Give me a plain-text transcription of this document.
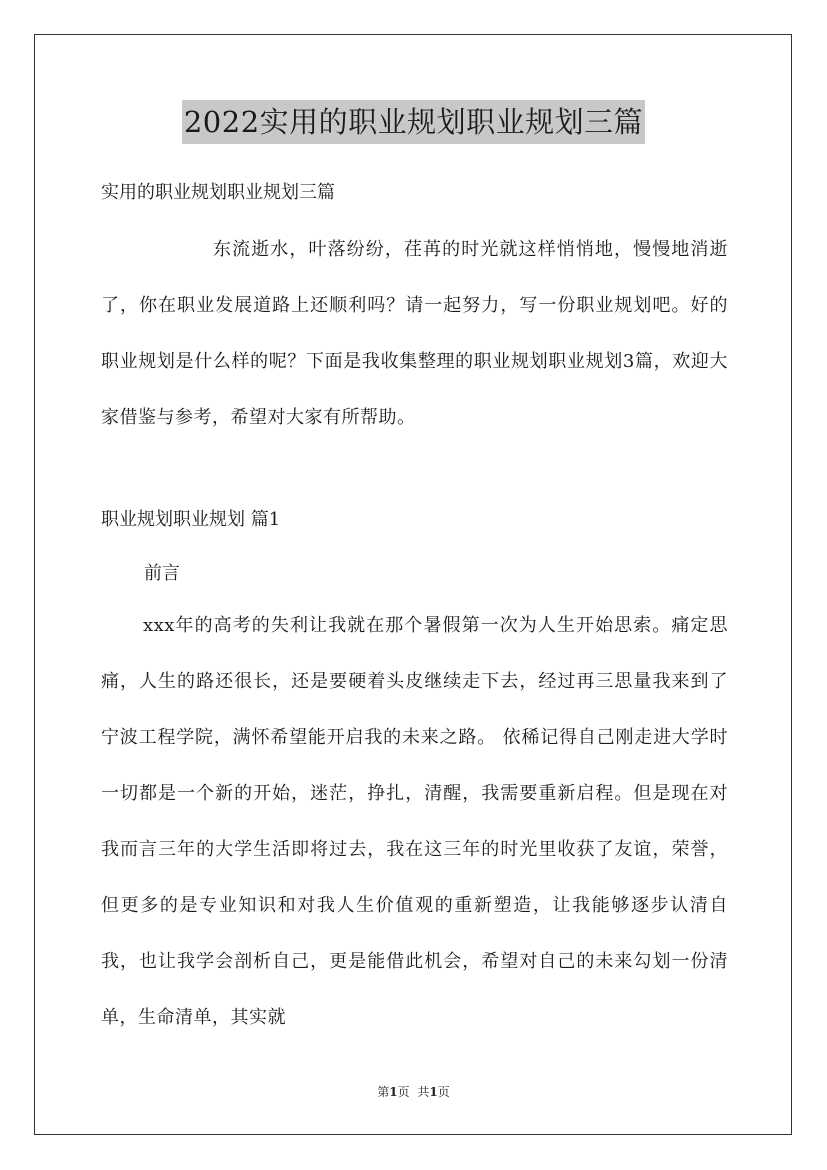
2022实用的职业规划职业规划三篇
实用的职业规划职业规划三篇
东流逝水，叶落纷纷，荏苒的时光就这样悄悄地，慢慢地消逝了，你在职业发展道路上还顺利吗？请一起努力，写一份职业规划吧。好的职业规划是什么样的呢？下面是我收集整理的职业规划职业规划3篇，欢迎大家借鉴与参考，希望对大家有所帮助。
职业规划职业规划 篇1
前言
xxx年的高考的失利让我就在那个暑假第一次为人生开始思索。痛定思痛，人生的路还很长，还是要硬着头皮继续走下去，经过再三思量我来到了宁波工程学院，满怀希望能开启我的未来之路。 依稀记得自己刚走进大学时一切都是一个新的开始，迷茫，挣扎，清醒，我需要重新启程。但是现在对我而言三年的大学生活即将过去，我在这三年的时光里收获了友谊，荣誉，但更多的是专业知识和对我人生价值观的重新塑造，让我能够逐步认清自我，也让我学会剖析自己，更是能借此机会，希望对自己的未来勾划一份清单，生命清单，其实就
第1页 共1页
